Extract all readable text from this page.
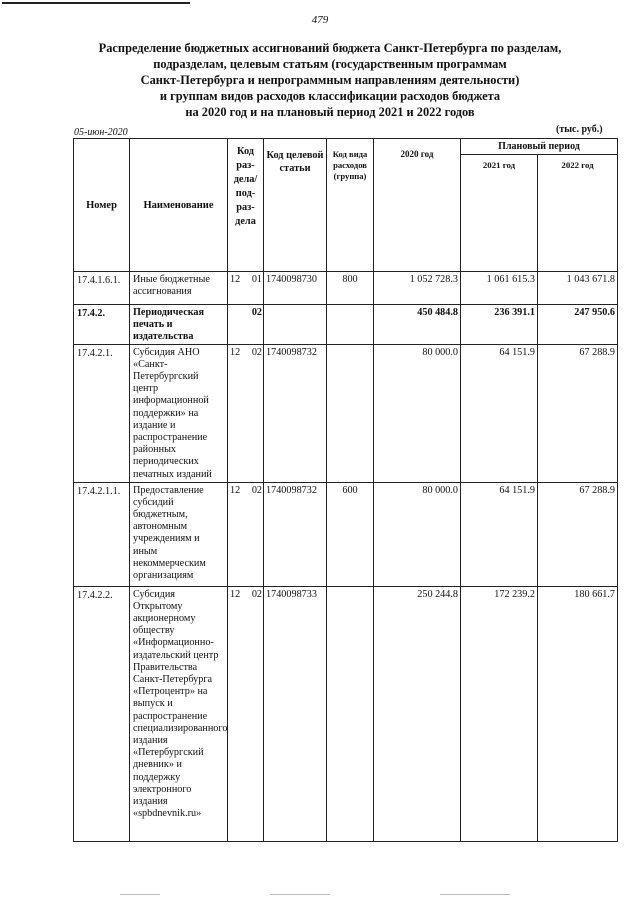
479
Распределение бюджетных ассигнований бюджета Санкт-Петербурга по разделам,
подразделам, целевым статьям (государственным программам
Санкт-Петербурга и непрограммным направлениям деятельности)
и группам видов расходов классификации расходов бюджета
на 2020 год и на плановый период 2021 и 2022 годов
05-июн-2020	(тыс. руб.)
Номер	Наименование	Код раз- дела/ под- раз- дела		Код целевой статьи	Код вида расходов (группа)	2020 год	Плановый период	
							2021 год	2022 год
17.4.1.6.1.	Иные бюджетные ассигнования	12	01	1740098730	800	1 052 728.3	1 061 615.3	1 043 671.8
17.4.2.	Периодическая печать и издательства		02			450 484.8	236 391.1	247 950.6
17.4.2.1.	Субсидия АНО «Санкт-Петербургский центр информационной поддержки» на издание и распространение районных периодических печатных изданий	12	02	1740098732		80 000.0	64 151.9	67 288.9
17.4.2.1.1.	Предоставление субсидий бюджетным, автономным учреждениям и иным некоммерческим организациям	12	02	1740098732	600	80 000.0	64 151.9	67 288.9
17.4.2.2.	Субсидия Открытому акционерному обществу «Информационно-издательский центр Правительства Санкт-Петербурга «Петроцентр» на выпуск и распространение специализированного издания «Петербургский дневник» и поддержку электронного издания «spbdnevnik.ru»	12	02	1740098733		250 244.8	172 239.2	180 661.7
